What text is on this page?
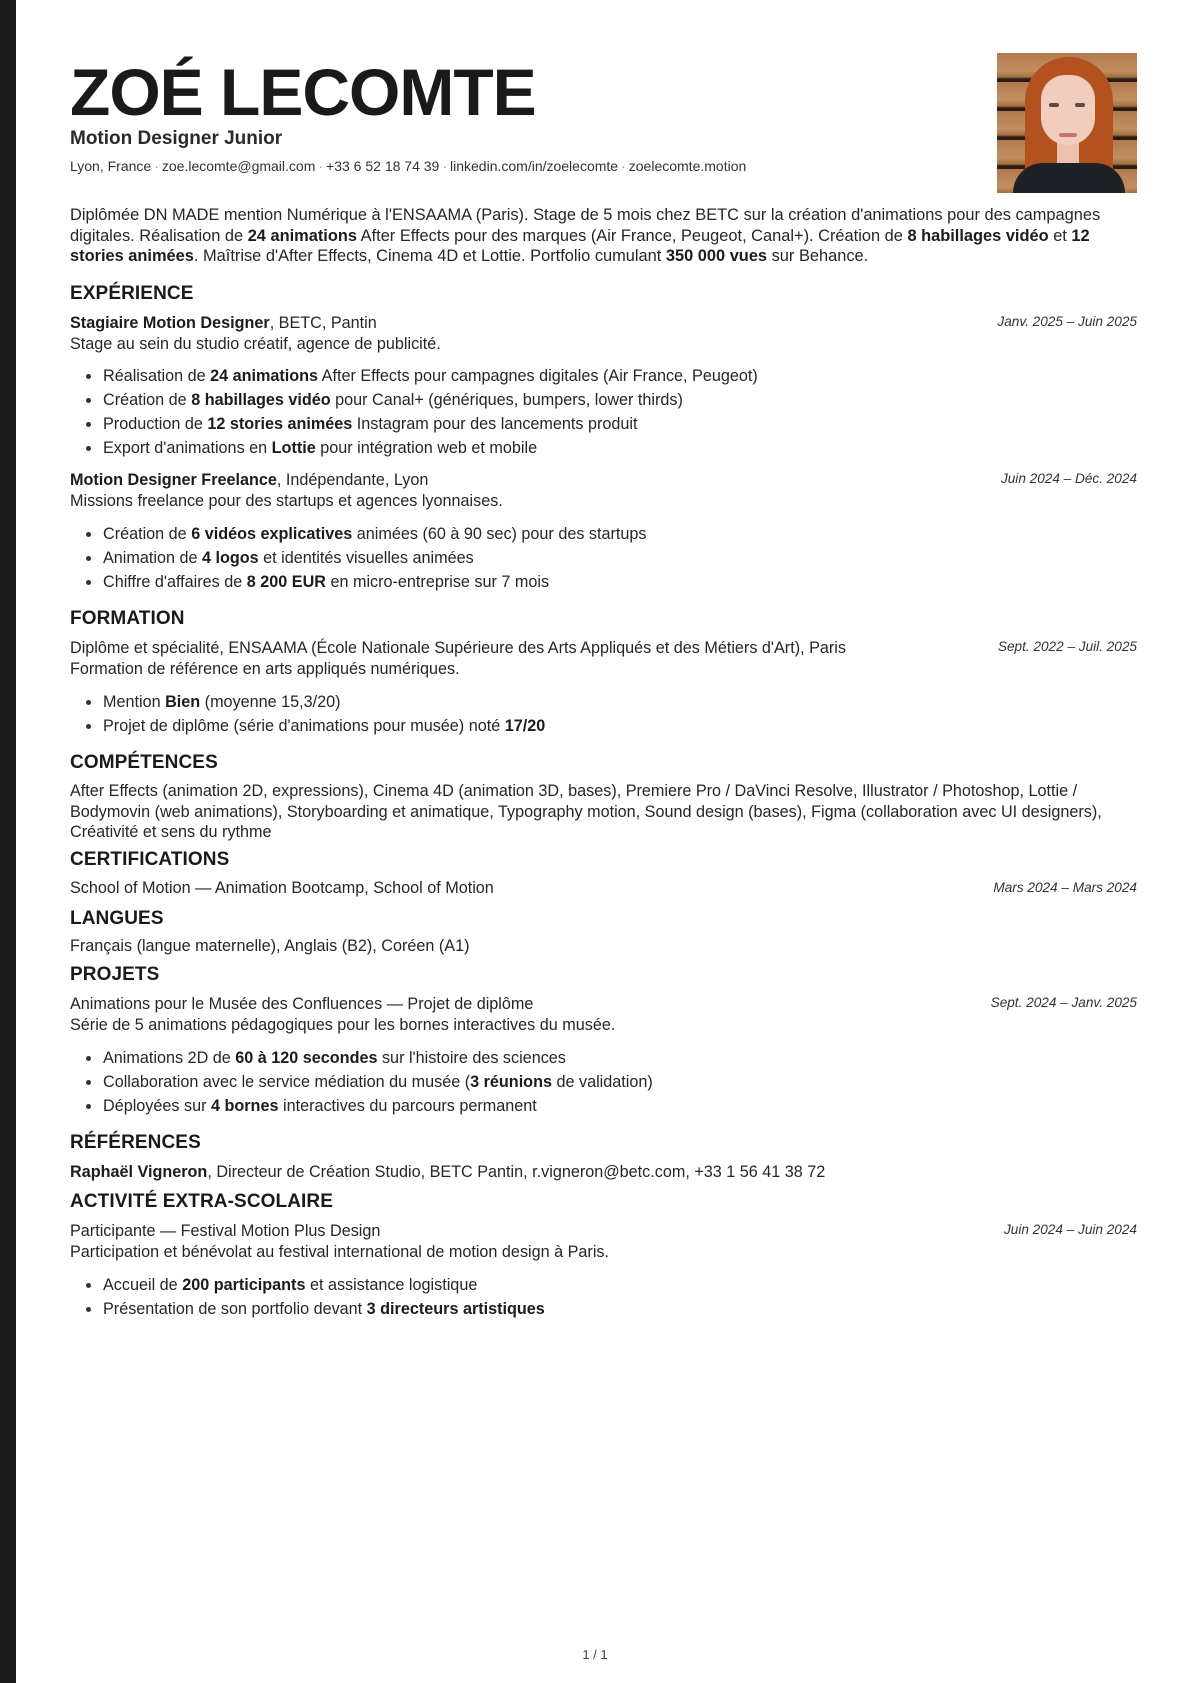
ZOÉ LECOMTE
Motion Designer Junior
Lyon, France · zoe.lecomte@gmail.com · +33 6 52 18 74 39 · linkedin.com/in/zoelecomte · zoelecomte.motion

Diplômée DN MADE mention Numérique à l'ENSAAMA (Paris). Stage de 5 mois chez BETC sur la création d'animations pour des campagnes digitales. Réalisation de 24 animations After Effects pour des marques (Air France, Peugeot, Canal+). Création de 8 habillages vidéo et 12 stories animées. Maîtrise d'After Effects, Cinema 4D et Lottie. Portfolio cumulant 350 000 vues sur Behance.

EXPÉRIENCE
Stagiaire Motion Designer, BETC, Pantin	Janv. 2025 – Juin 2025
Stage au sein du studio créatif, agence de publicité.
Réalisation de 24 animations After Effects pour campagnes digitales (Air France, Peugeot)
Création de 8 habillages vidéo pour Canal+ (génériques, bumpers, lower thirds)
Production de 12 stories animées Instagram pour des lancements produit
Export d'animations en Lottie pour intégration web et mobile
Motion Designer Freelance, Indépendante, Lyon	Juin 2024 – Déc. 2024
Missions freelance pour des startups et agences lyonnaises.
Création de 6 vidéos explicatives animées (60 à 90 sec) pour des startups
Animation de 4 logos et identités visuelles animées
Chiffre d'affaires de 8 200 EUR en micro-entreprise sur 7 mois
FORMATION
Diplôme et spécialité, ENSAAMA (École Nationale Supérieure des Arts Appliqués et des Métiers d'Art), Paris	Sept. 2022 – Juil. 2025
Formation de référence en arts appliqués numériques.
Mention Bien (moyenne 15,3/20)
Projet de diplôme (série d'animations pour musée) noté 17/20
COMPÉTENCES

After Effects (animation 2D, expressions), Cinema 4D (animation 3D, bases), Premiere Pro / DaVinci Resolve, Illustrator / Photoshop, Lottie / Bodymovin (web animations), Storyboarding et animatique, Typography motion, Sound design (bases), Figma (collaboration avec UI designers), Créativité et sens du rythme

CERTIFICATIONS
School of Motion — Animation Bootcamp, School of Motion	Mars 2024 – Mars 2024
LANGUES
Français (langue maternelle), Anglais (B2), Coréen (A1)
PROJETS
Animations pour le Musée des Confluences — Projet de diplôme	Sept. 2024 – Janv. 2025
Série de 5 animations pédagogiques pour les bornes interactives du musée.
Animations 2D de 60 à 120 secondes sur l'histoire des sciences
Collaboration avec le service médiation du musée (3 réunions de validation)
Déployées sur 4 bornes interactives du parcours permanent
RÉFÉRENCES
Raphaël Vigneron, Directeur de Création Studio, BETC Pantin, r.vigneron@betc.com, +33 1 56 41 38 72
ACTIVITÉ EXTRA-SCOLAIRE
Participante — Festival Motion Plus Design	Juin 2024 – Juin 2024
Participation et bénévolat au festival international de motion design à Paris.
Accueil de 200 participants et assistance logistique
Présentation de son portfolio devant 3 directeurs artistiques
1 / 1
